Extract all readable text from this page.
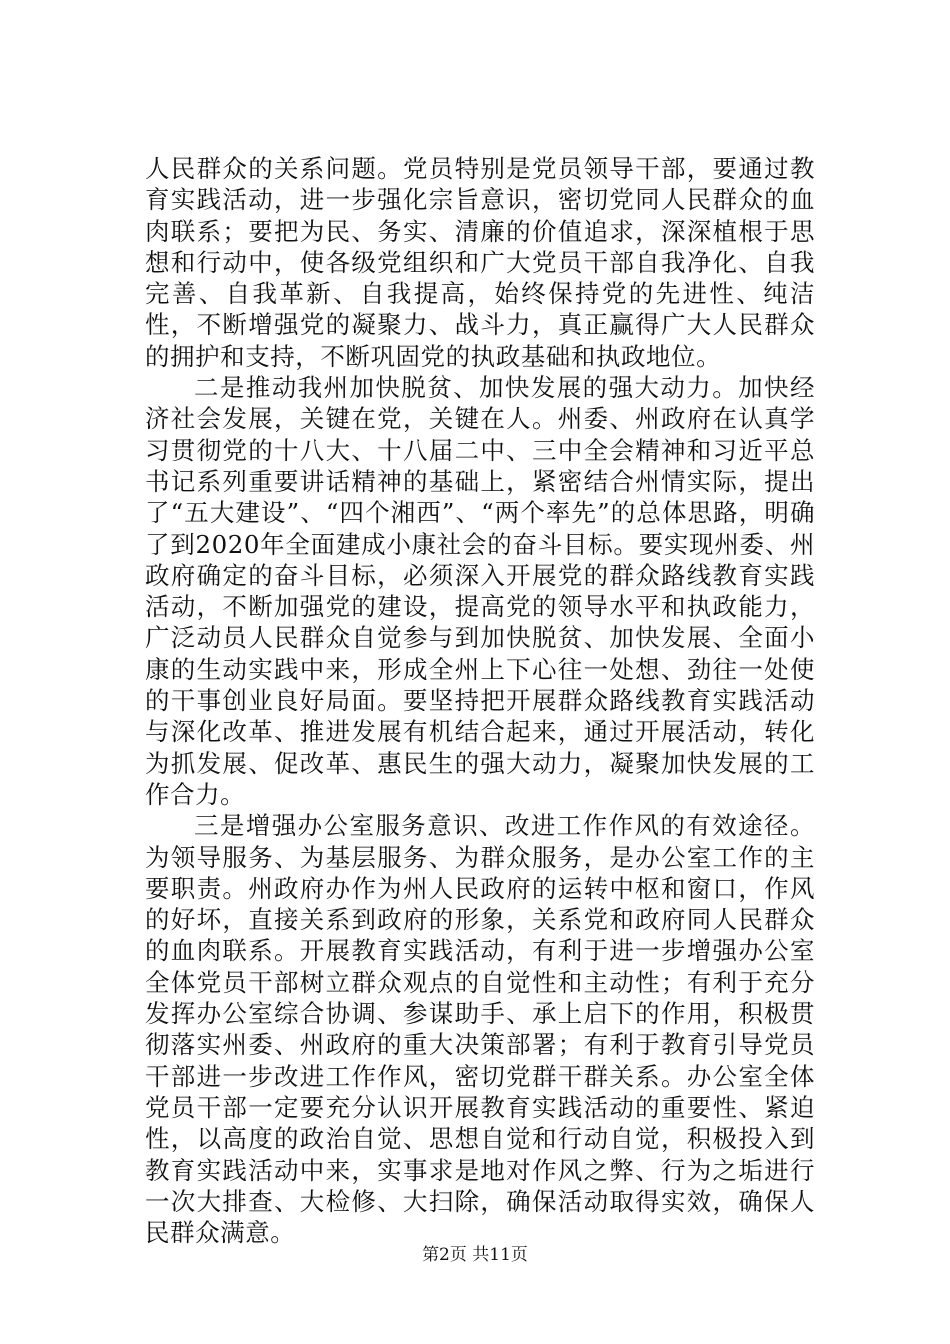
人民群众的关系问题。党员特别是党员领导干部，要通过教育实践活动，进一步强化宗旨意识，密切党同人民群众的血肉联系；要把为民、务实、清廉的价值追求，深深植根于思想和行动中，使各级党组织和广大党员干部自我净化、自我完善、自我革新、自我提高，始终保持党的先进性、纯洁性，不断增强党的凝聚力、战斗力，真正赢得广大人民群众的拥护和支持，不断巩固党的执政基础和执政地位。

二是推动我州加快脱贫、加快发展的强大动力。加快经济社会发展，关键在党，关键在人。州委、州政府在认真学习贯彻党的十八大、十八届二中、三中全会精神和习近平总书记系列重要讲话精神的基础上，紧密结合州情实际，提出了“五大建设”、“四个湘西”、“两个率先”的总体思路，明确了到2020年全面建成小康社会的奋斗目标。要实现州委、州政府确定的奋斗目标，必须深入开展党的群众路线教育实践活动，不断加强党的建设，提高党的领导水平和执政能力，广泛动员人民群众自觉参与到加快脱贫、加快发展、全面小康的生动实践中来，形成全州上下心往一处想、劲往一处使的干事创业良好局面。要坚持把开展群众路线教育实践活动与深化改革、推进发展有机结合起来，通过开展活动，转化为抓发展、促改革、惠民生的强大动力，凝聚加快发展的工作合力。

三是增强办公室服务意识、改进工作作风的有效途径。为领导服务、为基层服务、为群众服务，是办公室工作的主要职责。州政府办作为州人民政府的运转中枢和窗口，作风的好坏，直接关系到政府的形象，关系党和政府同人民群众的血肉联系。开展教育实践活动，有利于进一步增强办公室全体党员干部树立群众观点的自觉性和主动性；有利于充分发挥办公室综合协调、参谋助手、承上启下的作用，积极贯彻落实州委、州政府的重大决策部署；有利于教育引导党员干部进一步改进工作作风，密切党群干群关系。办公室全体党员干部一定要充分认识开展教育实践活动的重要性、紧迫性，以高度的政治自觉、思想自觉和行动自觉，积极投入到教育实践活动中来，实事求是地对作风之弊、行为之垢进行一次大排查、大检修、大扫除，确保活动取得实效，确保人民群众满意。

第2页 共11页
